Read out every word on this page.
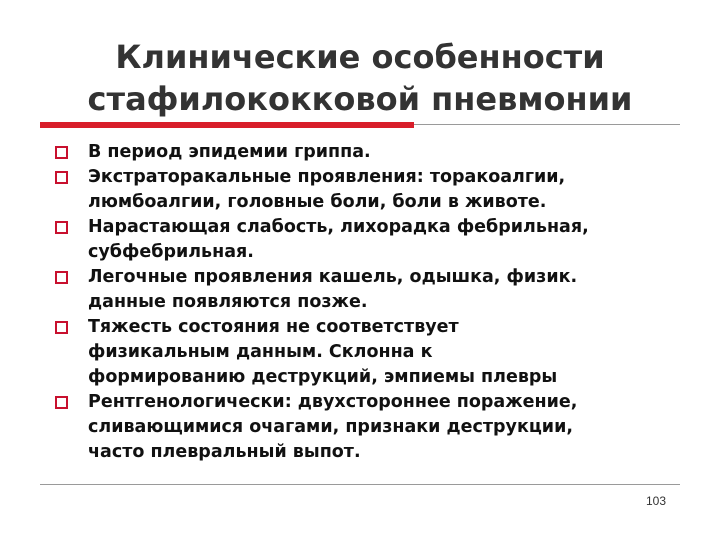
Клинические особенности
стафилококковой пневмонии
В период эпидемии гриппа.
Экстраторакальные проявления: торакоалгии,
люмбоалгии, головные боли, боли в животе.
Нарастающая слабость, лихорадка фебрильная,
субфебрильная.
Легочные проявления кашель, одышка, физик.
данные появляются позже.
Тяжесть состояния не соответствует
физикальным данным. Склонна к
формированию деструкций, эмпиемы плевры
Рентгенологически: двухстороннее поражение,
сливающимися очагами, признаки деструкции,
часто плевральный выпот.
103
